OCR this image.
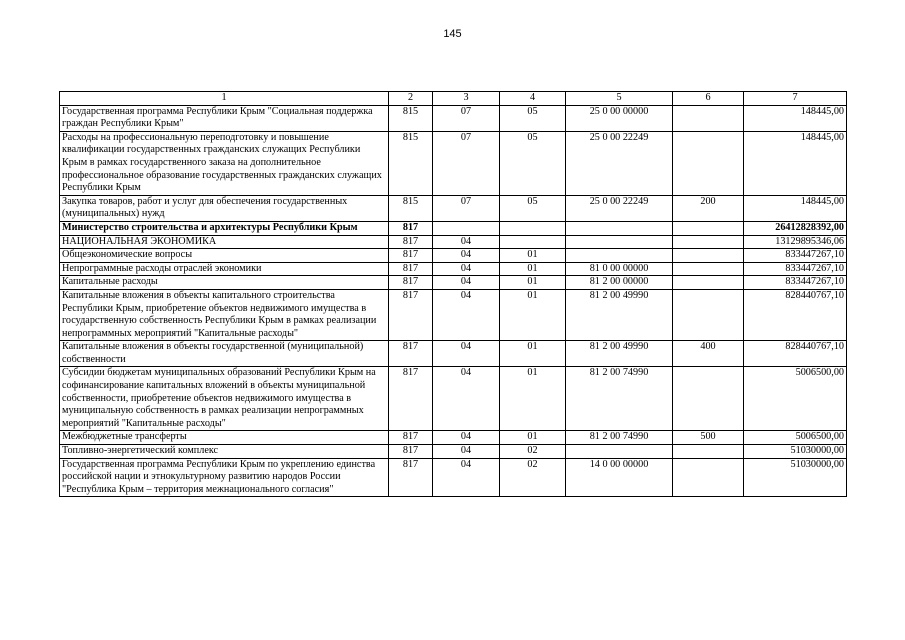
145
1	2	3	4	5	6	7
Государственная программа Республики Крым "Социальная поддержка граждан Республики Крым"	815	07	05	25 0 00 00000		148445,00
Расходы на профессиональную переподготовку и повышение квалификации государственных гражданских служащих Республики Крым в рамках государственного заказа на дополнительное профессиональное образование государственных гражданских служащих Республики Крым	815	07	05	25 0 00 22249		148445,00
Закупка товаров, работ и услуг для обеспечения государственных (муниципальных) нужд	815	07	05	25 0 00 22249	200	148445,00
Министерство строительства и архитектуры Республики Крым	817					26412828392,00
НАЦИОНАЛЬНАЯ ЭКОНОМИКА	817	04				13129895346,06
Общеэкономические вопросы	817	04	01			833447267,10
Непрограммные расходы отраслей экономики	817	04	01	81 0 00 00000		833447267,10
Капитальные расходы	817	04	01	81 2 00 00000		833447267,10
Капитальные вложения в объекты капитального строительства Республики Крым, приобретение объектов недвижимого имущества в государственную собственность Республики Крым в рамках реализации непрограммных мероприятий "Капитальные расходы"	817	04	01	81 2 00 49990		828440767,10
Капитальные вложения в объекты государственной (муниципальной) собственности	817	04	01	81 2 00 49990	400	828440767,10
Субсидии бюджетам муниципальных образований Республики Крым на софинансирование капитальных вложений в объекты муниципальной собственности, приобретение объектов недвижимого имущества в муниципальную собственность в рамках реализации непрограммных мероприятий "Капитальные расходы"	817	04	01	81 2 00 74990		5006500,00
Межбюджетные трансферты	817	04	01	81 2 00 74990	500	5006500,00
Топливно-энергетический комплекс	817	04	02			51030000,00
Государственная программа Республики Крым по укреплению единства российской нации и этнокультурному развитию народов России "Республика Крым – территория межнационального согласия"	817	04	02	14 0 00 00000		51030000,00
